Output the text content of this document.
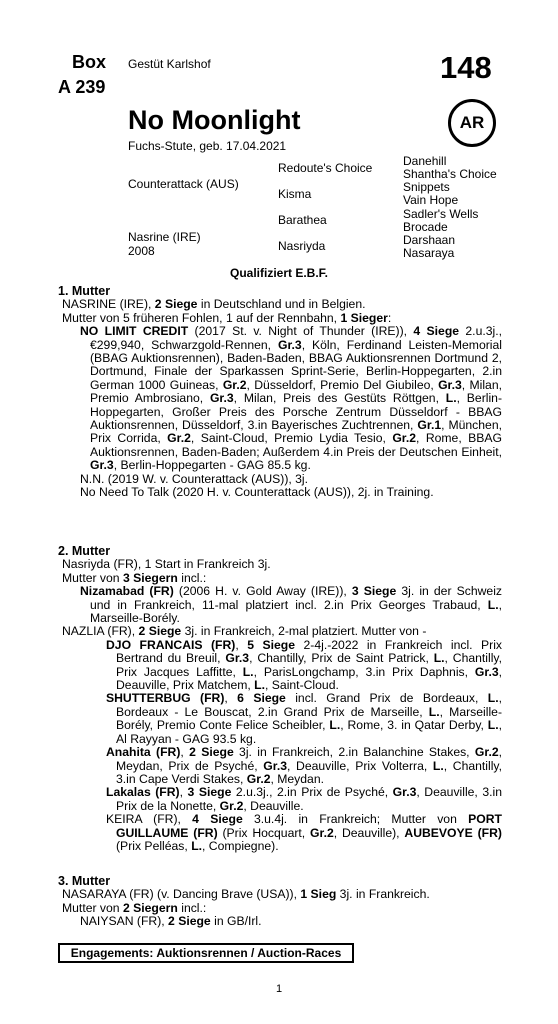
Box
A 239
Gestüt Karlshof	148
No Moonlight
Fuchs-Stute, geb. 17.04.2021
AR
Counterattack (AUS)
Nasrine (IRE)
2008
Redoute's Choice
Kisma
Barathea
Nasriyda
Danehill
Shantha's Choice
Snippets
Vain Hope
Sadler's Wells
Brocade
Darshaan
Nasaraya
Qualifiziert E.B.F.

1. Mutter

NASRINE (IRE), 2 Siege in Deutschland und in Belgien.

Mutter von 5 früheren Fohlen, 1 auf der Rennbahn, 1 Sieger:

NO LIMIT CREDIT (2017 St. v. Night of Thunder (IRE)), 4 Siege 2.u.3j., €299,940, Schwarzgold-Rennen, Gr.3, Köln, Ferdinand Leisten-Memorial (BBAG Auktionsrennen), Baden-Baden, BBAG Auktionsrennen Dortmund 2, Dortmund, Finale der Sparkassen Sprint-Serie, Berlin-Hoppegarten, 2.in German 1000 Guineas, Gr.2, Düsseldorf, Premio Del Giubileo, Gr.3, Milan, Premio Ambrosiano, Gr.3, Milan, Preis des Gestüts Röttgen, L., Berlin-Hoppegarten, Großer Preis des Porsche Zentrum Düsseldorf - BBAG Auktionsrennen, Düsseldorf, 3.in Bayerisches Zuchtrennen, Gr.1, München, Prix Corrida, Gr.2, Saint-Cloud, Premio Lydia Tesio, Gr.2, Rome, BBAG Auktionsrennen, Baden-Baden; Außerdem 4.in Preis der Deutschen Einheit, Gr.3, Berlin-Hoppegarten - GAG 85.5 kg.

N.N. (2019 W. v. Counterattack (AUS)), 3j.

No Need To Talk (2020 H. v. Counterattack (AUS)), 2j. in Training.

2. Mutter

Nasriyda (FR), 1 Start in Frankreich 3j.

Mutter von 3 Siegern incl.:

Nizamabad (FR) (2006 H. v. Gold Away (IRE)), 3 Siege 3j. in der Schweiz und in Frankreich, 11-mal platziert incl. 2.in Prix Georges Trabaud, L., Marseille-Borély.

NAZLIA (FR), 2 Siege 3j. in Frankreich, 2-mal platziert. Mutter von -

DJO FRANCAIS (FR), 5 Siege 2-4j.-2022 in Frankreich incl. Prix Bertrand du Breuil, Gr.3, Chantilly, Prix de Saint Patrick, L., Chantilly, Prix Jacques Laffitte, L., ParisLongchamp, 3.in Prix Daphnis, Gr.3, Deauville, Prix Matchem, L., Saint-Cloud.

SHUTTERBUG (FR), 6 Siege incl. Grand Prix de Bordeaux, L., Bordeaux - Le Bouscat, 2.in Grand Prix de Marseille, L., Marseille-Borély, Premio Conte Felice Scheibler, L., Rome, 3. in Qatar Derby, L., Al Rayyan - GAG 93.5 kg.

Anahita (FR), 2 Siege 3j. in Frankreich, 2.in Balanchine Stakes, Gr.2, Meydan, Prix de Psyché, Gr.3, Deauville, Prix Volterra, L., Chantilly, 3.in Cape Verdi Stakes, Gr.2, Meydan.

Lakalas (FR), 3 Siege 2.u.3j., 2.in Prix de Psyché, Gr.3, Deauville, 3.in Prix de la Nonette, Gr.2, Deauville.

KEIRA (FR), 4 Siege 3.u.4j. in Frankreich; Mutter von PORT GUILLAUME (FR) (Prix Hocquart, Gr.2, Deauville), AUBEVOYE (FR) (Prix Pelléas, L., Compiegne).

3. Mutter

NASARAYA (FR) (v. Dancing Brave (USA)), 1 Sieg 3j. in Frankreich.

Mutter von 2 Siegern incl.:

NAIYSAN (FR), 2 Siege in GB/Irl.

Engagements: Auktionsrennen / Auction-Races
1
